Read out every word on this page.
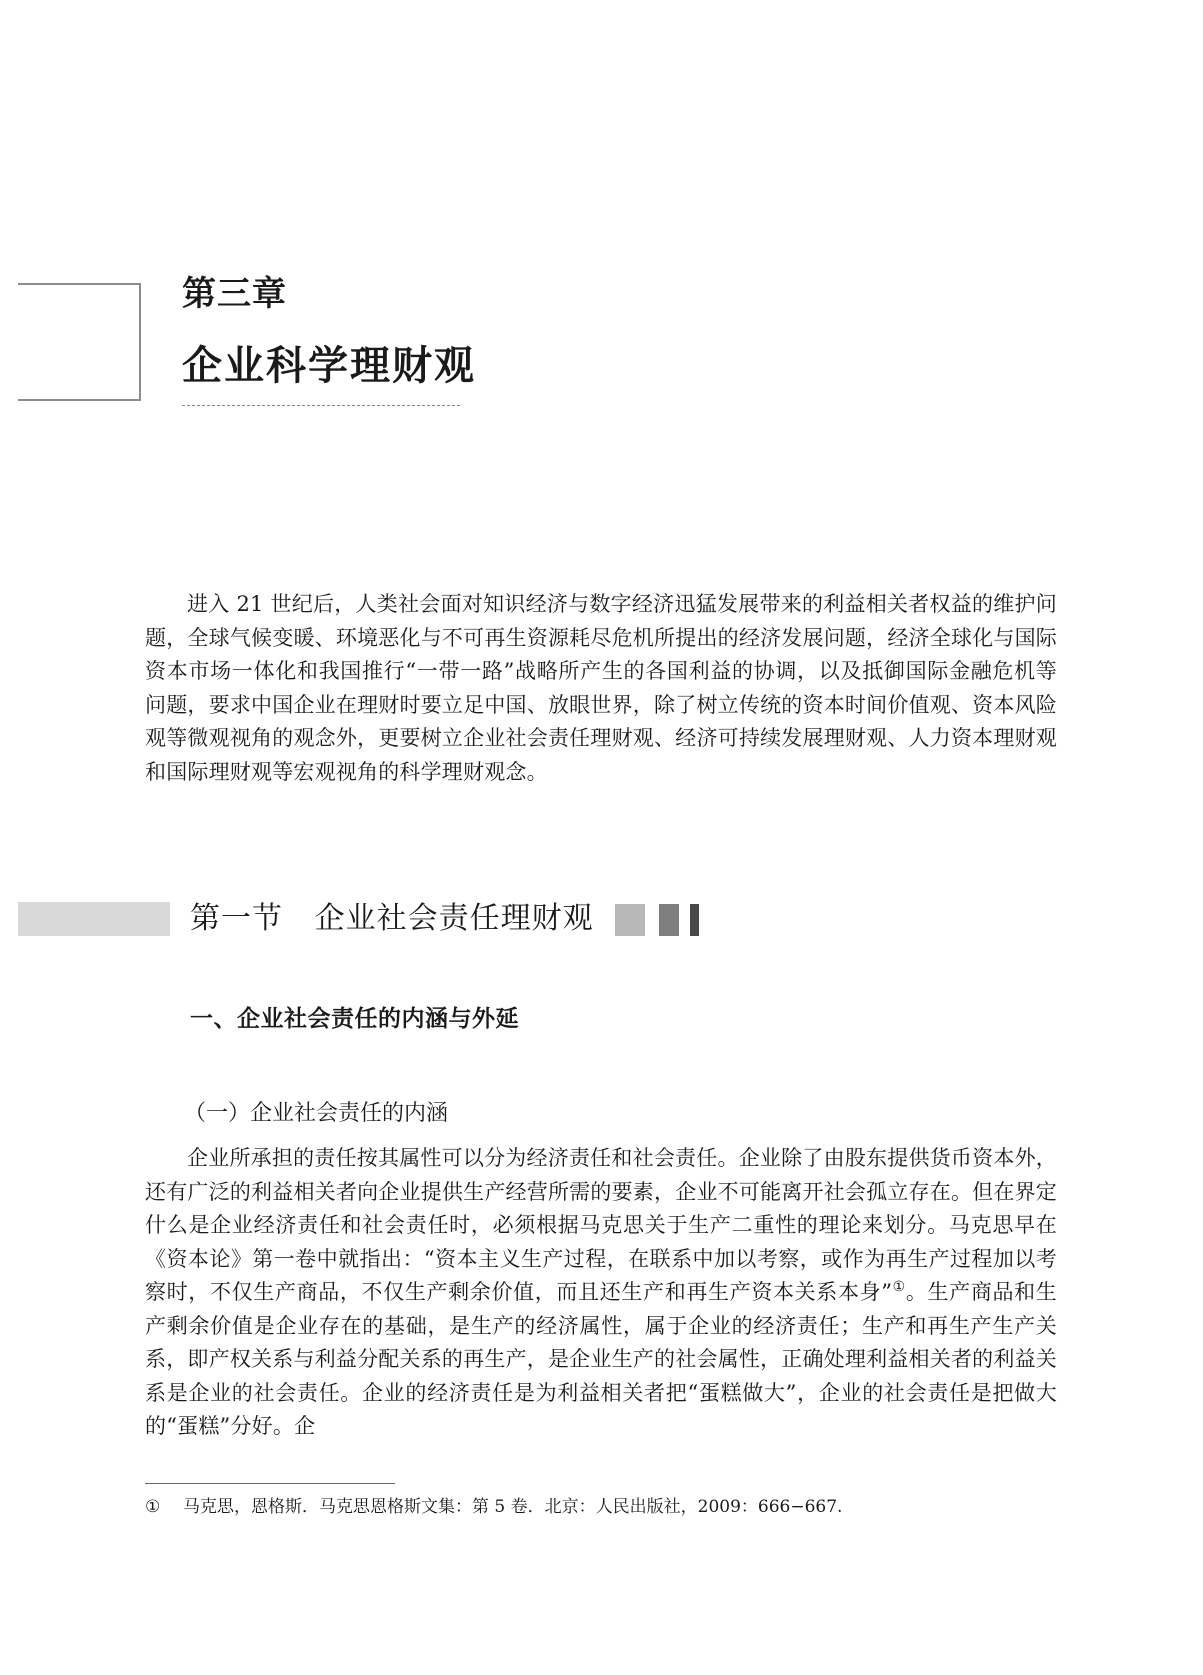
第三章
企业科学理财观

进入 21 世纪后，人类社会面对知识经济与数字经济迅猛发展带来的利益相关者权益的维护问题，全球气候变暖、环境恶化与不可再生资源耗尽危机所提出的经济发展问题，经济全球化与国际资本市场一体化和我国推行“一带一路”战略所产生的各国利益的协调，以及抵御国际金融危机等问题，要求中国企业在理财时要立足中国、放眼世界，除了树立传统的资本时间价值观、资本风险观等微观视角的观念外，更要树立企业社会责任理财观、经济可持续发展理财观、人力资本理财观和国际理财观等宏观视角的科学理财观念。

第一节 企业社会责任理财观
一、企业社会责任的内涵与外延
（一）企业社会责任的内涵

企业所承担的责任按其属性可以分为经济责任和社会责任。企业除了由股东提供货币资本外，还有广泛的利益相关者向企业提供生产经营所需的要素，企业不可能离开社会孤立存在。但在界定什么是企业经济责任和社会责任时，必须根据马克思关于生产二重性的理论来划分。马克思早在《资本论》第一卷中就指出：“资本主义生产过程，在联系中加以考察，或作为再生产过程加以考察时，不仅生产商品，不仅生产剩余价值，而且还生产和再生产资本关系本身”①。生产商品和生产剩余价值是企业存在的基础，是生产的经济属性，属于企业的经济责任；生产和再生产生产关系，即产权关系与利益分配关系的再生产，是企业生产的社会属性，正确处理利益相关者的利益关系是企业的社会责任。企业的经济责任是为利益相关者把“蛋糕做大”，企业的社会责任是把做大的“蛋糕”分好。企

① 马克思，恩格斯．马克思恩格斯文集：第 5 卷．北京：人民出版社，2009：666−667.
